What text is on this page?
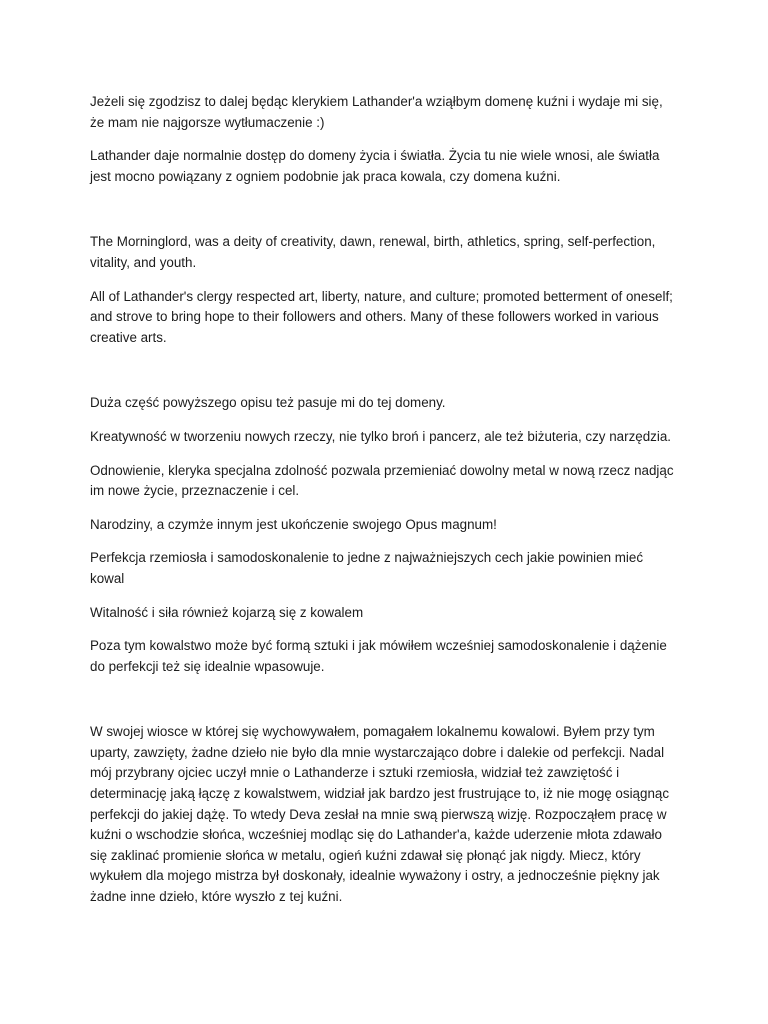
Jeżeli się zgodzisz to dalej będąc klerykiem Lathander'a wziąłbym domenę kuźni i wydaje mi się, że mam nie najgorsze wytłumaczenie :)

Lathander daje normalnie dostęp do domeny życia i światła. Życia tu nie wiele wnosi, ale światła jest mocno powiązany z ogniem podobnie jak praca kowala, czy domena kuźni.

The Morninglord, was a deity of creativity, dawn, renewal, birth, athletics, spring, self-perfection, vitality, and youth.

All of Lathander's clergy respected art, liberty, nature, and culture; promoted betterment of oneself; and strove to bring hope to their followers and others. Many of these followers worked in various creative arts.

Duża część powyższego opisu też pasuje mi do tej domeny.

Kreatywność w tworzeniu nowych rzeczy, nie tylko broń i pancerz, ale też biżuteria, czy narzędzia.

Odnowienie, kleryka specjalna zdolność pozwala przemieniać dowolny metal w nową rzecz nadjąc im nowe życie, przeznaczenie i cel.

Narodziny, a czymże innym jest ukończenie swojego Opus magnum!

Perfekcja rzemiosła i samodoskonalenie to jedne z najważniejszych cech jakie powinien mieć kowal

Witalność i siła również kojarzą się z kowalem

Poza tym kowalstwo może być formą sztuki i jak mówiłem wcześniej samodoskonalenie i dążenie do perfekcji też się idealnie wpasowuje.

W swojej wiosce w której się wychowywałem, pomagałem lokalnemu kowalowi. Byłem przy tym uparty, zawzięty, żadne dzieło nie było dla mnie wystarczająco dobre i dalekie od perfekcji. Nadal mój przybrany ojciec uczył mnie o Lathanderze i sztuki rzemiosła, widział też zawziętość i determinację jaką łączę z kowalstwem, widział jak bardzo jest frustrujące to, iż nie mogę osiągnąc perfekcji do jakiej dążę. To wtedy Deva zesłał na mnie swą pierwszą wizję. Rozpocząłem pracę w kuźni o wschodzie słońca, wcześniej modląc się do Lathander'a, każde uderzenie młota zdawało się zaklinać promienie słońca w metalu, ogień kuźni zdawał się płonąć jak nigdy. Miecz, który wykułem dla mojego mistrza był doskonały, idealnie wyważony i ostry, a jednocześnie piękny jak żadne inne dzieło, które wyszło z tej kuźni.
